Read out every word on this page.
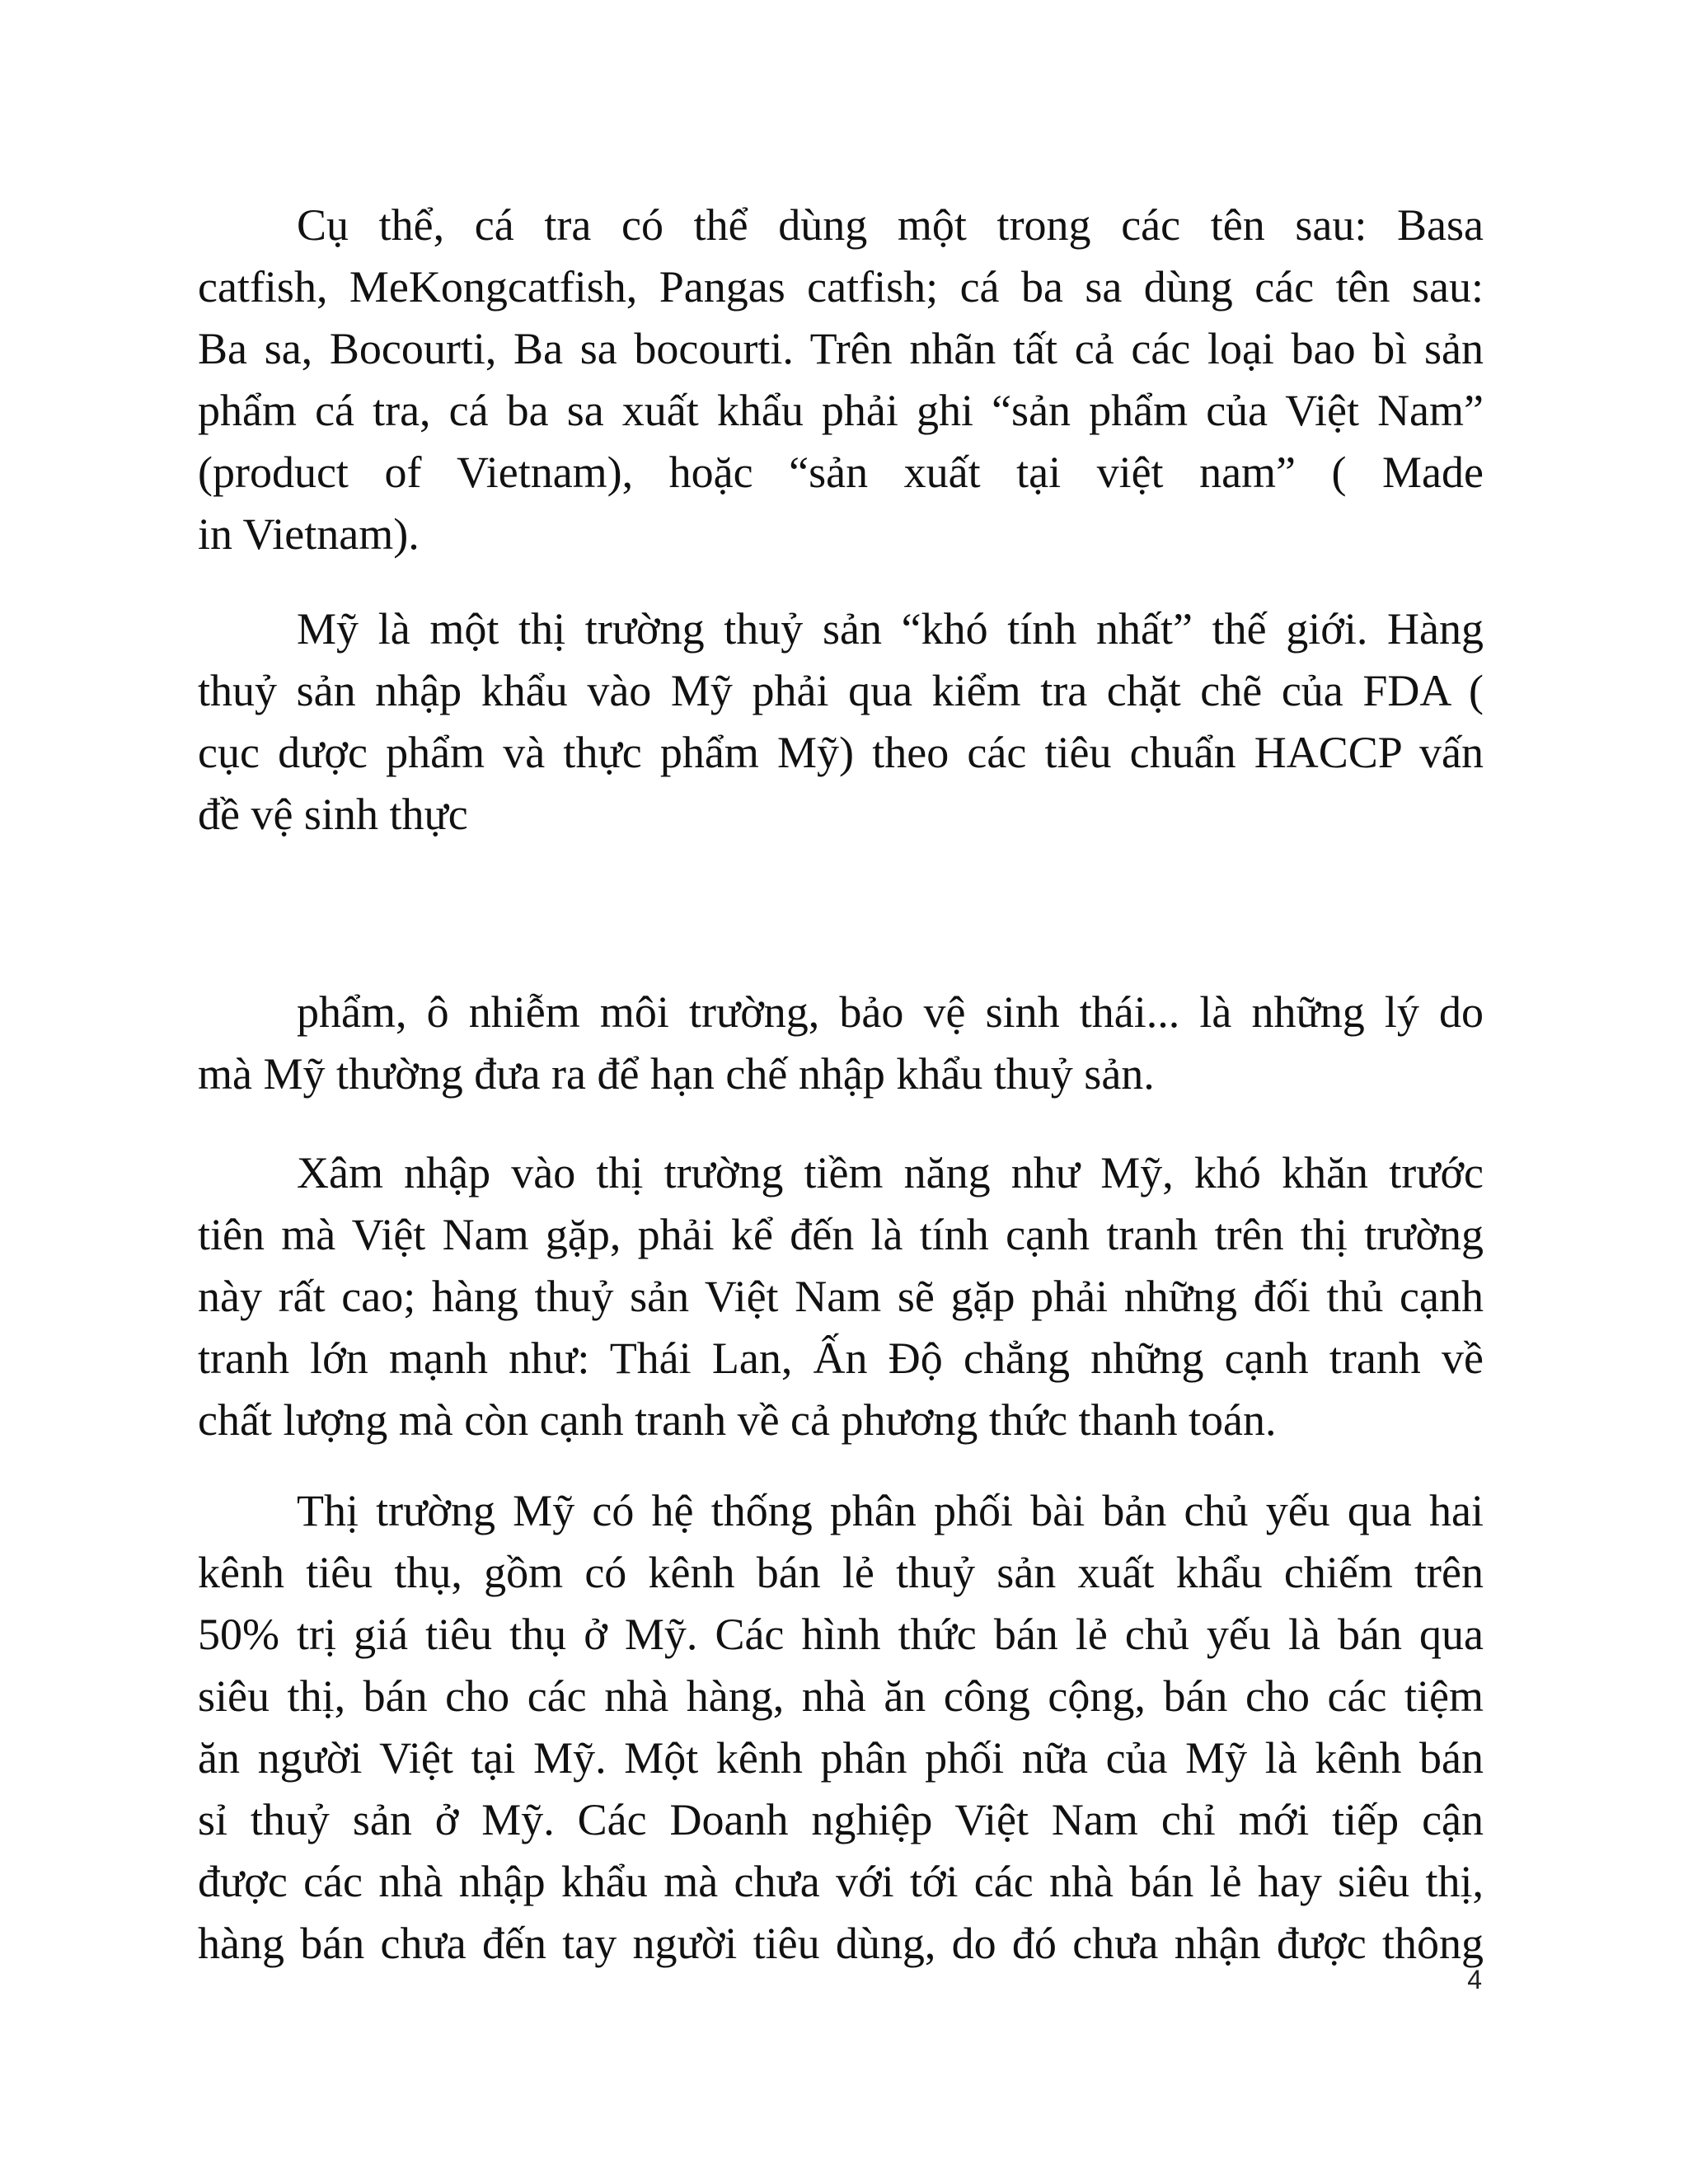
Cụ thể, cá tra có thể dùng một trong các tên sau: Basa
catfish, MeKongcatfish, Pangas catfish; cá ba sa dùng các tên sau:
Ba sa, Bocourti, Ba sa bocourti. Trên nhãn tất cả các loại bao bì sản
phẩm cá tra, cá ba sa xuất khẩu phải ghi “sản phẩm của Việt Nam”
(product of Vietnam), hoặc “sản xuất tại việt nam” ( Made
in Vietnam).

Mỹ là một thị trường thuỷ sản “khó tính nhất” thế giới. Hàng
thuỷ sản nhập khẩu vào Mỹ phải qua kiểm tra chặt chẽ của FDA (
cục dược phẩm và thực phẩm Mỹ) theo các tiêu chuẩn HACCP vấn
đề vệ sinh thực

phẩm, ô nhiễm môi trường, bảo vệ sinh thái... là những lý do
mà Mỹ thường đưa ra để hạn chế nhập khẩu thuỷ sản.

Xâm nhập vào thị trường tiềm năng như Mỹ, khó khăn trước
tiên mà Việt Nam gặp, phải kể đến là tính cạnh tranh trên thị trường
này rất cao; hàng thuỷ sản Việt Nam sẽ gặp phải những đối thủ cạnh
tranh lớn mạnh như: Thái Lan, Ấn Độ chẳng những cạnh tranh về
chất lượng mà còn cạnh tranh về cả phương thức thanh toán.

Thị trường Mỹ có hệ thống phân phối bài bản chủ yếu qua hai
kênh tiêu thụ, gồm có kênh bán lẻ thuỷ sản xuất khẩu chiếm trên
50% trị giá tiêu thụ ở Mỹ. Các hình thức bán lẻ chủ yếu là bán qua
siêu thị, bán cho các nhà hàng, nhà ăn công cộng, bán cho các tiệm
ăn người Việt tại Mỹ. Một kênh phân phối nữa của Mỹ là kênh bán
sỉ thuỷ sản ở Mỹ. Các Doanh nghiệp Việt Nam chỉ mới tiếp cận
được các nhà nhập khẩu mà chưa với tới các nhà bán lẻ hay siêu thị,
hàng bán chưa đến tay người tiêu dùng, do đó chưa nhận được thông

4
